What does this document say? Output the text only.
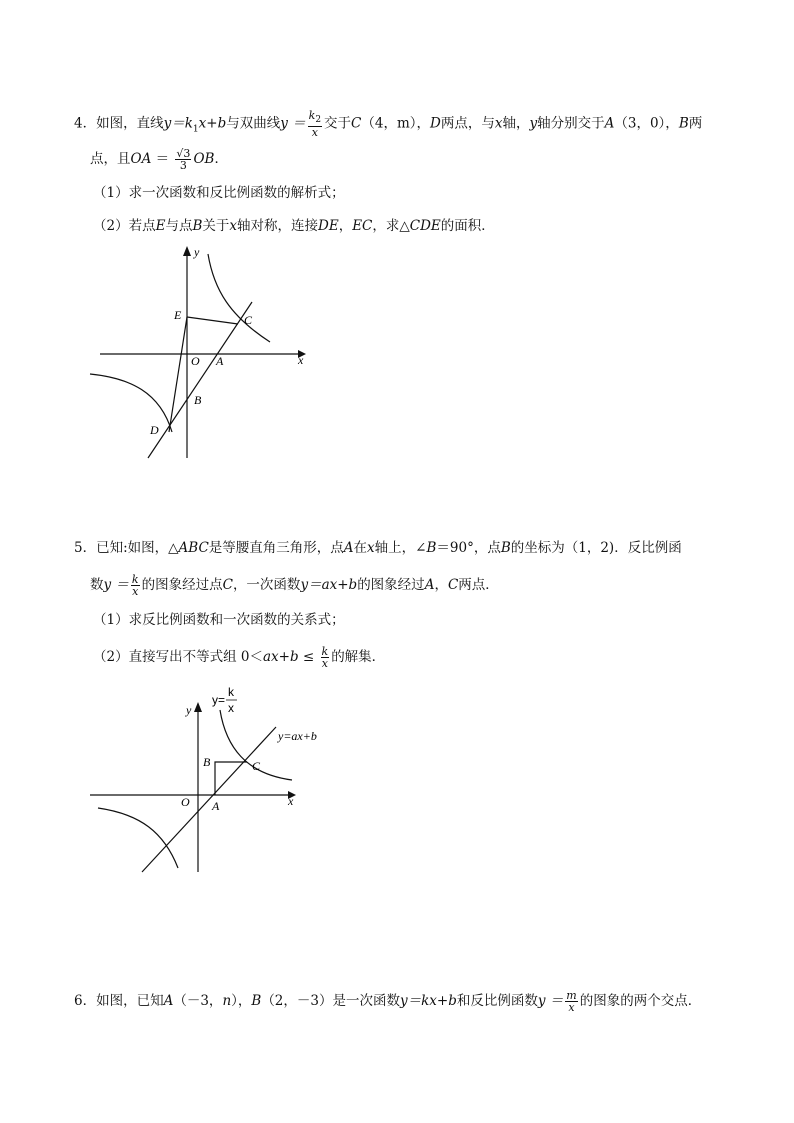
4．如图，直线$y=k_1x+b$与双曲线$y = \frac{k_2}{x}$ 交于C（4，m），D两点，与x轴，y轴分别交于A（3，0），B两
点，且OA ＝ $\frac{√3}{3}$ OB．
（1）求一次函数和反比例函数的解析式；
（2）若点E与点B关于x轴对称，连接DE，EC，求△CDE的面积．
y
x
E	C
O A
B
D
5．已知:如图，△ABC是等腰直角三角形，点A在x轴上，∠B＝90°，点B的坐标为（1，2)．反比例函
数$y = \frac{k}{x}$ 的图象经过点C，一次函数y＝ax+b的图象经过A，C两点．
（1）求反比例函数和一次函数的关系式；
（2）直接写出不等式组 $0<ax+b \le \frac{k}{x}$ 的解集．
y
x
O A
B	C
y=
k
x
y=ax+b
6．如图，已知A（－3，n），B（2，－3）是一次函数y＝kx+b和反比例函数$y = \frac{m}{x}$ 的图象的两个交点．
